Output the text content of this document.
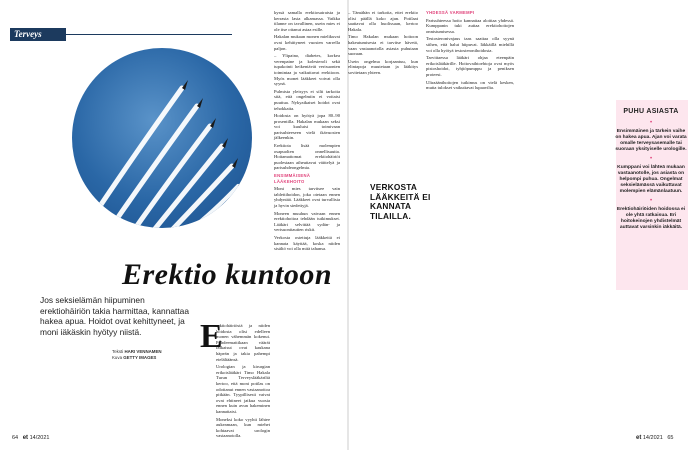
Terveys
Erektio kuntoon
Jos seksielämän hiipuminen erektiohäiriön takia harmittaa, kannattaa hakea apua. Hoidot ovat kehittyneet, ja moni iäkäskin hyötyy niistä.
Teksti HARI VENNAMEN
Kuva GETTY IMAGES
E

rektiohäiriöstä ja niiden hoidosta olisi edelleen monen vähemmän kokenut. Puhdeemattikaan väärät ratkaisut ovat kaukana häpeän ja takia pahempi etelältäänsä.

Urologian ja kirurgian erikoislääkäri Timo Hakala Turun Terveyslääkäriltä kertoo, että moni potilas on odottanut ennen vastaanottoa pitkään. Tyypillisesti vaivat ovat ehtineet jatkua vuosia ennen kuin avun hakeminen kannattaisi.

Moneksi koko vyyhti lähtee aukeamaan, kun miehet kohtaavat urologin vastaanotolla.

kyssä samalla erektiosairaista ja kerrasta lasta alkamassa. Vaikka tilanne on tavallinen, usein mies ei ole itse ottanut asiaa esille.

Hakalan mukaan monen mielikuvat ovat kehittyneet vuosien varrella paljon.

– Ylipaino, diabetes, korkea verenpaine ja kolesteroli sekä tupakointi heikentävät verisuonten toimintaa ja vaikuttavat erektioon. Myös monet lääkkeet voivat olla syynä.

Pulmista yleisyys ei silti tarkoita sitä, että ongelmiin ei voitaisi puuttua. Nykyaikaiset hoidot ovat tehokkaita.

Hoidosta on hyötyä jopa 80–90 prosentilla. Hakalan mukaan seksi voi kuuluisi toimivaan parisuhteeseen vielä ikävuosien jälkeenkin.

Erektiota lisää molempien osapuolten onnellisuutta. Hoitamattomat erektiohäiriöt puolestaan aiheuttavat väittelyä ja parisuhdeongelmia.

ENSIMMÄISENÄ LÄÄKEHOITO

Moni mies tarvitsee vain tablettihoidon, joka otetaan ennen yhdyntää. Lääkkeet ovat turvallisia ja hyvin siedettyjä.

Moneen muuhun vaivaan ennen erektiohoitoa tehdään tutkimukset. Lääkäri selvittää sydän- ja verisuonitautien riskit.

Verkosta ostettuja lääkkeitä ei kannata käyttää, koska niiden sisältö voi olla mitä tahansa.

64 et 14/2021

– Tämähän ei tarkoita, ettei erektio olisi päällä koko ajan. Potilaat saattavat olla huolissaan, kertoo Hakala.

Timo Hakalan mukaan hoitoon hakeutumisesta ei tarvitse hävetä, vaan vastaanotolla asiasta puhutaan suoraan.

Usein ongelma korjaantuu, kun elintapoja muutetaan ja lääkitys sovitetaan yhteen.

VERKOSTA LÄÄKKEITÄ EI KANNATA TILAILLA.

YHDESSÄ VARMEMPI

Parisuhteessa hoito kannattaa aloittaa yhdessä. Kumppanin tuki auttaa erektiohoitojen onnistumisessa.

Testosteronivajaus taas saattaa olla syynä siihen, että halut hiipuvat. Iäkkäillä miehillä voi olla hyötyä testosteronihoidosta.

Tarvittaessa lääkäri ohjaa eteenpäin erikoislääkärille. Hoitovaihtoehtoja ovat myös pistoshoidot, tyhjiöpumppu ja peniksen proteesi.

Ultraäänihoitojen tutkimus on vielä kesken, mutta tulokset vaikuttavat lupaavilta.

PUHU ASIASTA
•
Ensimmäinen ja tärkein vaihe on hakea apua. Ajan voi varata omalle terveysasemalle tai suoraan yksityiselle urologille.
•
Kumppani voi lähteä mukaan vastaanotolle, jos asiasta on helpompi puhua. Ongelmat seksielämässä vaikuttavat molempien elämänlaatuun.
•
Erektiohäiriöiden hoidossa ei ole yhtä ratkaisua. Eri hoitokeinojen yhdistelmät auttavat varsinkin iäkkäitä.
et 14/2021 65
